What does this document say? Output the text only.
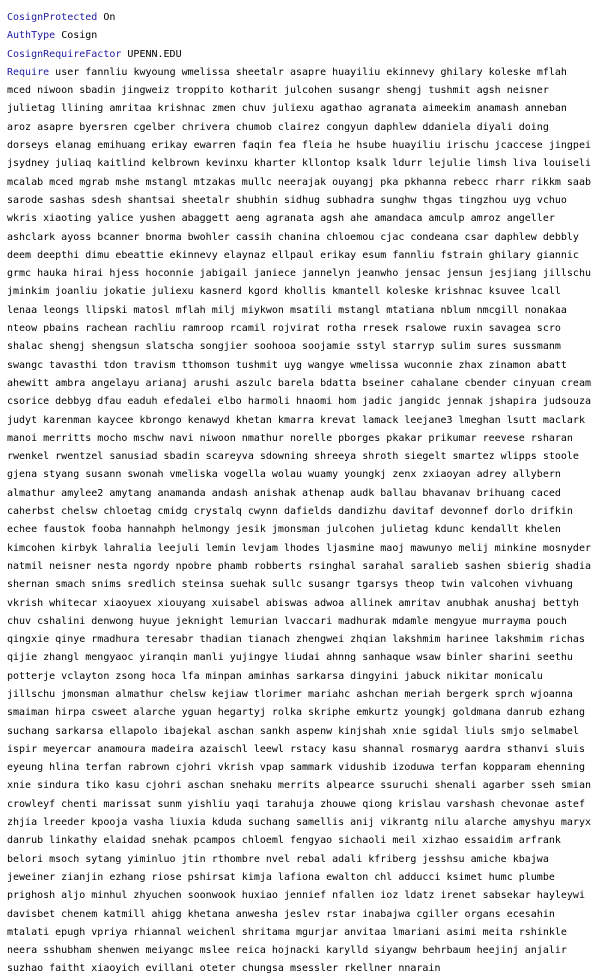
CosignProtected On
AuthType Cosign
CosignRequireFactor UPENN.EDU
Require user fannliu kwyoung wmelissa sheetalr asapre huayiliu ekinnevy ghilary koleske mflah
mced niwoon sbadin jingweiz troppito kotharit julcohen susangr shengj tushmit agsh neisner
julietag llining amritaa krishnac zmen chuv juliexu agathao agranata aimeekim anamash anneban
aroz asapre byersren cgelber chrivera chumob clairez congyun daphlew ddaniela diyali doing
dorseys elanag emihuang erikay ewarren faqin fea fleia he hsube huayiliu irischu jcaccese jingpei
jsydney juliaq kaitlind kelbrown kevinxu kharter kllontop ksalk ldurr lejulie limsh liva louiseli
mcalab mced mgrab mshe mstangl mtzakas mullc neerajak ouyangj pka pkhanna rebecc rharr rikkm saab
sarode sashas sdesh shantsai sheetalr shubhin sidhug subhadra sunghw thgas tingzhou uyg vchuo
wkris xiaoting yalice yushen abaggett aeng agranata agsh ahe amandaca amculp amroz angeller
ashclark ayoss bcanner bnorma bwohler cassih chanina chloemou cjac condeana csar daphlew debbly
deem deepthi dimu ebeattie ekinnevy elaynaz ellpaul erikay esum fannliu fstrain ghilary giannic
grmc hauka hirai hjess hoconnie jabigail janiece jannelyn jeanwho jensac jensun jesjiang jillschu
jminkim joanliu jokatie juliexu kasnerd kgord khollis kmantell koleske krishnac ksuvee lcall
lenaa leongs llipski matosl mflah milj miykwon msatili mstangl mtatiana nblum nmcgill nonakaa
nteow pbains rachean rachliu ramroop rcamil rojvirat rotha rresek rsalowe ruxin savagea scro
shalac shengj shengsun slatscha songjier soohooa soojamie sstyl starryp sulim sures sussmanm
swangc tavasthi tdon travism tthomson tushmit uyg wangye wmelissa wuconnie zhax zinamon abatt
ahewitt ambra angelayu arianaj arushi aszulc barela bdatta bseiner cahalane cbender cinyuan cream
csorice debbyg dfau eaduh efedalei elbo harmoli hnaomi hom jadic jangidc jennak jshapira judsouza
judyt karenman kaycee kbrongo kenawyd khetan kmarra krevat lamack leejane3 lmeghan lsutt maclark
manoi merritts mocho mschw navi niwoon nmathur norelle pborges pkakar prikumar reevese rsharan
rwenkel rwentzel sanusiad sbadin scareyva sdowning shreeya shroth siegelt smartez wlipps stoole
gjena styang susann swonah vmeliska vogella wolau wuamy youngkj zenx zxiaoyan adrey allybern
almathur amylee2 amytang anamanda andash anishak athenap audk ballau bhavanav brihuang caced
caherbst chelsw chloetag cmidg crystalq cwynn dafields dandizhu davitaf devonnef dorlo drifkin
echee faustok fooba hannahph helmongy jesik jmonsman julcohen julietag kdunc kendallt khelen
kimcohen kirbyk lahralia leejuli lemin levjam lhodes ljasmine maoj mawunyo melij minkine mosnyder
natmil neisner nesta ngordy npobre phamb robberts rsinghal sarahal saralieb sashen sbierig shadia
shernan smach snims sredlich steinsa suehak sullc susangr tgarsys theop twin valcohen vivhuang
vkrish whitecar xiaoyuex xiouyang xuisabel abiswas adwoa allinek amritav anubhak anushaj bettyh
chuv cshalini denwong huyue jeknight lemurian lvaccari madhurak mdamle mengyue murrayma pouch
qingxie qinye rmadhura teresabr thadian tianach zhengwei zhqian lakshmim harinee lakshmim richas
qijie zhangl mengyaoc yiranqin manli yujingye liudai ahnng sanhaque wsaw binler sharini seethu
potterje vclayton zsong hoca lfa minpan aminhas sarkarsa dingyini jabuck nikitar monicalu
jillschu jmonsman almathur chelsw kejiaw tlorimer mariahc ashchan meriah bergerk sprch wjoanna
smaiman hirpa csweet alarche yguan hegartyj rolka skriphe emkurtz youngkj goldmana danrub ezhang
suchang sarkarsa ellapolo ibajekal aschan sankh aspenw kinjshah xnie sgidal liuls smjo selmabel
ispir meyercar anamoura madeira azaischl leewl rstacy kasu shannal rosmaryg aardra sthanvi sluis
eyeung hlina terfan rabrown cjohri vkrish vpap sammark vidushib izoduwa terfan kopparam ehenning
xnie sindura tiko kasu cjohri aschan snehaku merrits alpearce ssuruchi shenali agarber sseh smian
crowleyf chenti marissat sunm yishliu yaqi tarahuja zhouwe qiong krislau varshash chevonae astef
zhjia lreeder kpooja vasha liuxia kduda suchang samellis anij vikrantg nilu alarche amyshyu maryx
danrub linkathy elaidad snehak pcampos chloeml fengyao sichaoli meil xizhao essaidim arfrank
belori msoch sytang yiminluo jtin rthombre nvel rebal adali kfriberg jesshsu amiche kbajwa
jeweiner zianjin ezhang riose pshirsat kimja lafiona ewalton chl adducci ksimet humc plumbe
prighosh aljo minhul zhyuchen soonwook huxiao jennief nfallen ioz ldatz irenet sabsekar hayleywi
davisbet chenem katmill ahigg khetana anwesha jeslev rstar inabajwa cgiller organs ecesahin
mtalati epugh vpriya rhiannal weichenl shritama mgurjar anvitaa lmariani asimi meita rshinkle
neera sshubham shenwen meiyangc mslee reica hojnacki karylld siyangw behrbaum heejinj anjalir
suzhao faitht xiaoyich evillani oteter chungsa msessler rkellner nnarain
